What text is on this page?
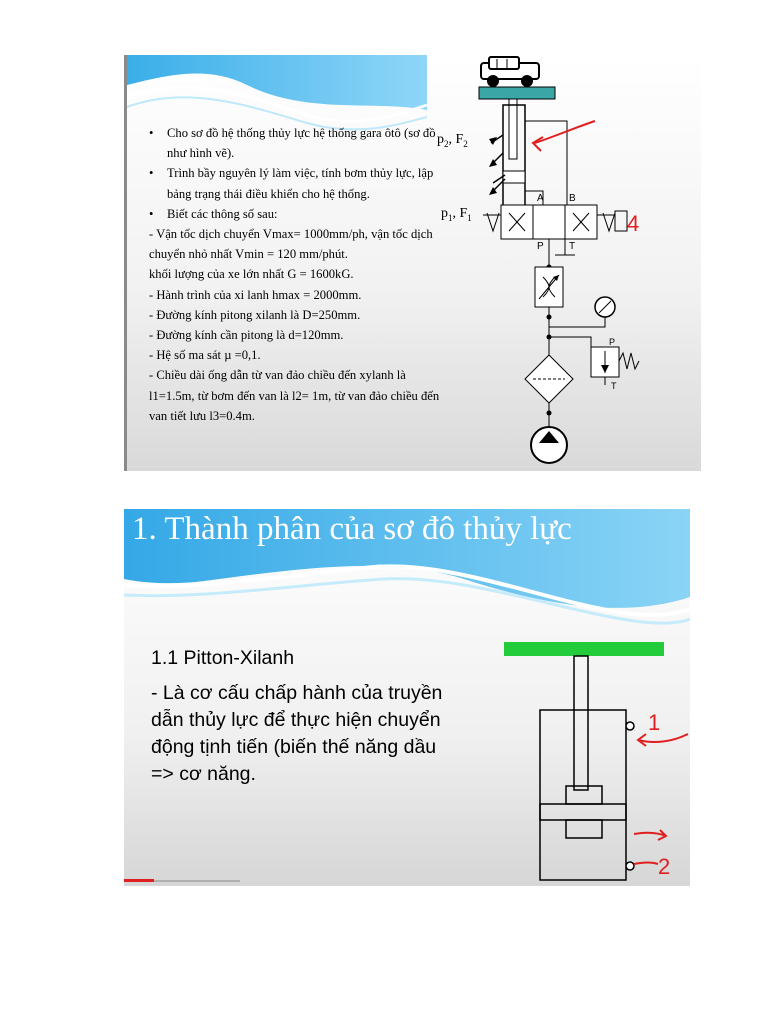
• Cho sơ đồ hệ thống thủy lực hệ thống gara ôtô (sơ đồ như hình vẽ).
• Trình bầy nguyên lý làm việc, tính bơm thủy lực, lập bảng trạng thái điều khiển cho hệ thống.
• Biết các thông số sau:
- Vận tốc dịch chuyển Vmax= 1000mm/ph, vận tốc dịch chuyển nhỏ nhất Vmin = 120 mm/phút.
khối lượng của xe lớn nhất G = 1600kG.
- Hành trình của xi lanh hmax = 2000mm.
- Đường kính pitong xilanh là D=250mm.
- Đường kính cần pitong là d=120mm.
- Hệ số ma sát µ =0,1.
- Chiều dài ống dẫn từ van đảo chiều đến xylanh là l1=1.5m, từ bơm đến van là l2= 1m, từ van đảo chiều đến van tiết lưu l3=0.4m.
$p_2$, $F_2$
$p_1$, $F_1$
A	B
P	T
4
P
T
1. Thành phân của sơ đô thủy lực
1.1 Pitton-Xilanh
- Là cơ cấu chấp hành của truyền dẫn thủy lực để thực hiện chuyển động tịnh tiến (biến thế năng dầu => cơ năng.
1
2
